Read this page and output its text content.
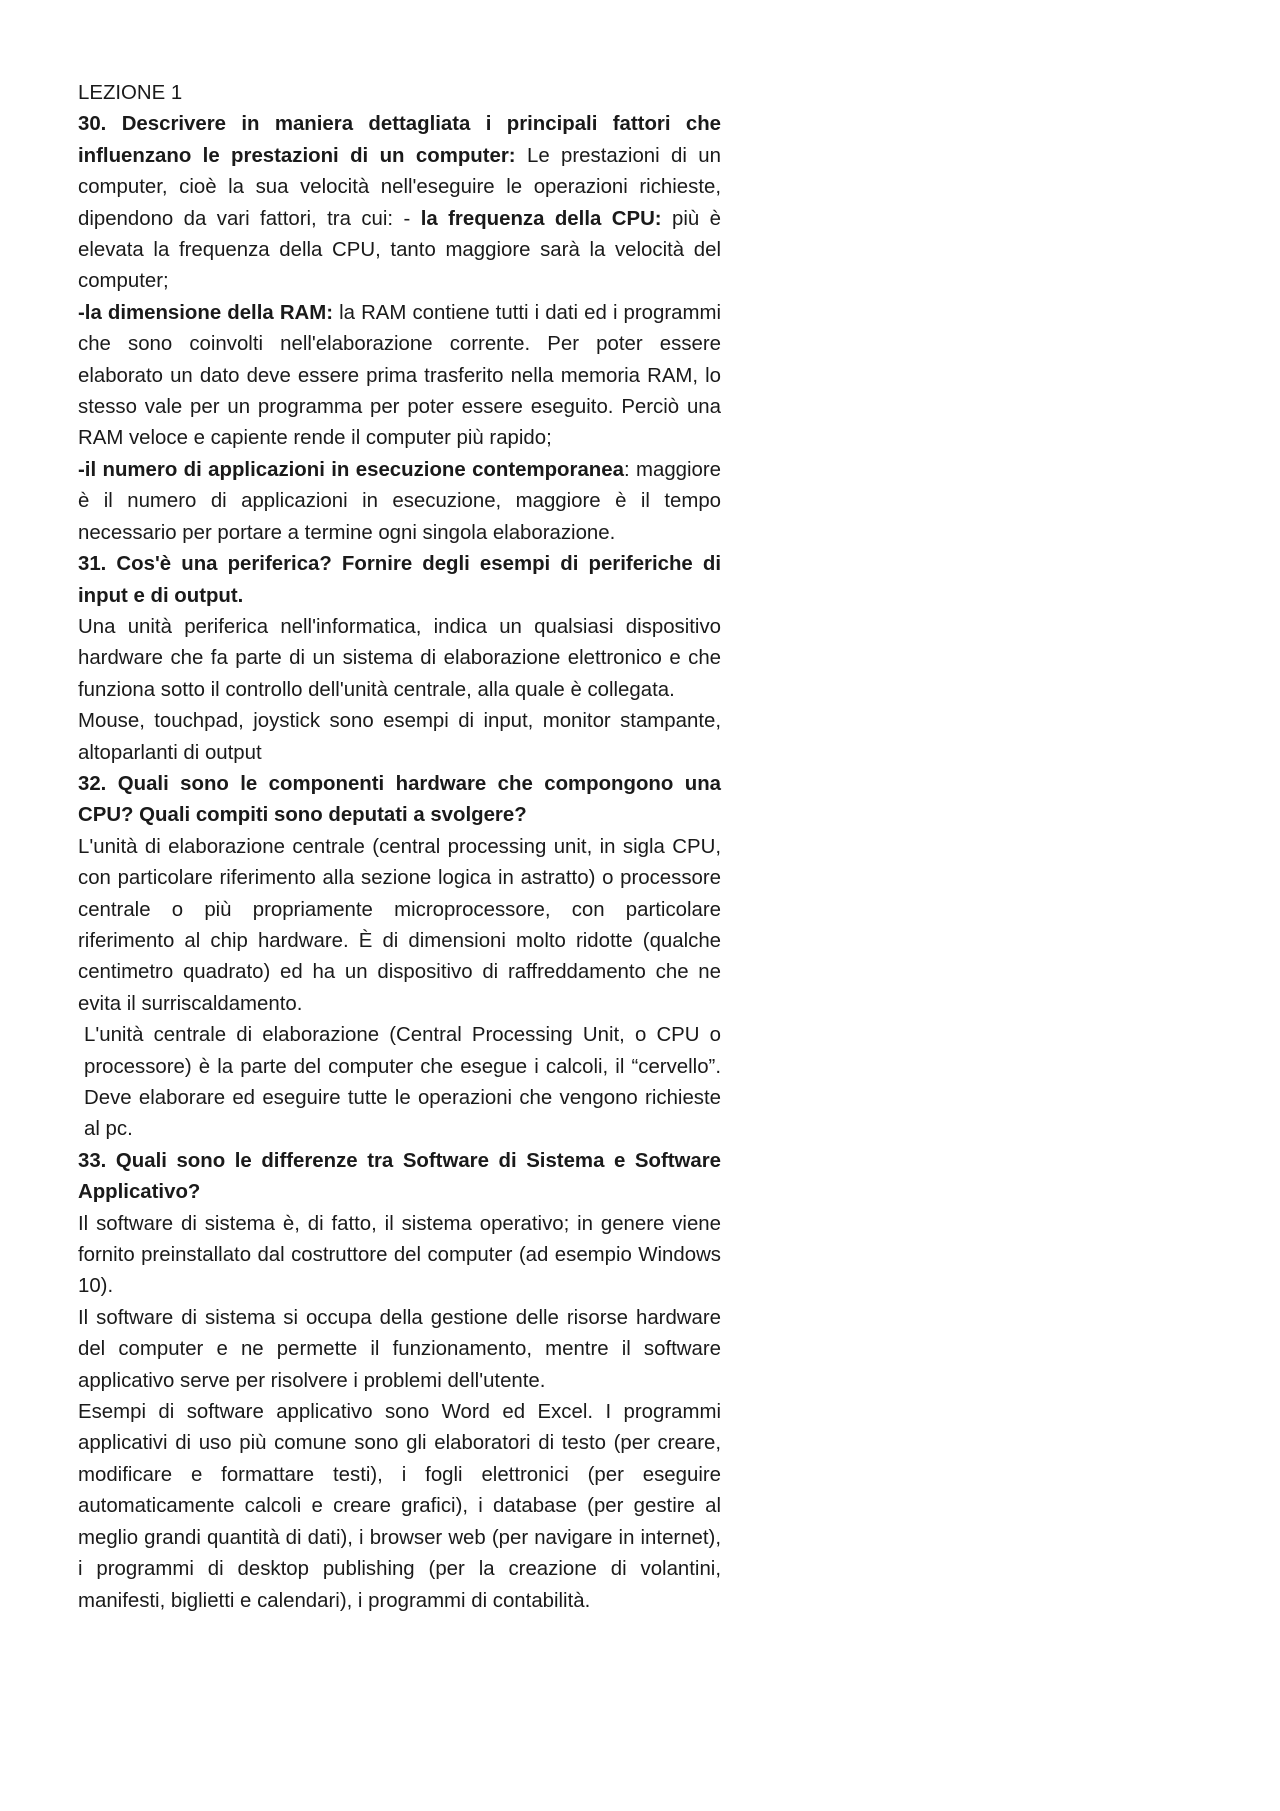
LEZIONE 1

30. Descrivere in maniera dettagliata i principali fattori che influenzano le prestazioni di un computer: Le prestazioni di un computer, cioè la sua velocità nell'eseguire le operazioni richieste, dipendono da vari fattori, tra cui: - la frequenza della CPU: più è elevata la frequenza della CPU, tanto maggiore sarà la velocità del computer;

-la dimensione della RAM: la RAM contiene tutti i dati ed i programmi che sono coinvolti nell'elaborazione corrente. Per poter essere elaborato un dato deve essere prima trasferito nella memoria RAM, lo stesso vale per un programma per poter essere eseguito. Perciò una RAM veloce e capiente rende il computer più rapido;

-il numero di applicazioni in esecuzione contemporanea: maggiore è il numero di applicazioni in esecuzione, maggiore è il tempo necessario per portare a termine ogni singola elaborazione.

31. Cos'è una periferica? Fornire degli esempi di periferiche di input e di output.

Una unità periferica nell'informatica, indica un qualsiasi dispositivo hardware che fa parte di un sistema di elaborazione elettronico e che funziona sotto il controllo dell'unità centrale, alla quale è collegata.

Mouse, touchpad, joystick sono esempi di input, monitor stampante, altoparlanti di output

32. Quali sono le componenti hardware che compongono una CPU? Quali compiti sono deputati a svolgere?

L'unità di elaborazione centrale (central processing unit, in sigla CPU, con particolare riferimento alla sezione logica in astratto) o processore centrale o più propriamente microprocessore, con particolare riferimento al chip hardware. È di dimensioni molto ridotte (qualche centimetro quadrato) ed ha un dispositivo di raffreddamento che ne evita il surriscaldamento.

L'unità centrale di elaborazione (Central Processing Unit, o CPU o processore) è la parte del computer che esegue i calcoli, il “cervello”. Deve elaborare ed eseguire tutte le operazioni che vengono richieste al pc.

33. Quali sono le differenze tra Software di Sistema e Software Applicativo?

Il software di sistema è, di fatto, il sistema operativo; in genere viene fornito preinstallato dal costruttore del computer (ad esempio Windows 10).

Il software di sistema si occupa della gestione delle risorse hardware del computer e ne permette il funzionamento, mentre il software applicativo serve per risolvere i problemi dell'utente.

Esempi di software applicativo sono Word ed Excel. I programmi applicativi di uso più comune sono gli elaboratori di testo (per creare, modificare e formattare testi), i fogli elettronici (per eseguire automaticamente calcoli e creare grafici), i database (per gestire al meglio grandi quantità di dati), i browser web (per navigare in internet), i programmi di desktop publishing (per la creazione di volantini, manifesti, biglietti e calendari), i programmi di contabilità.
